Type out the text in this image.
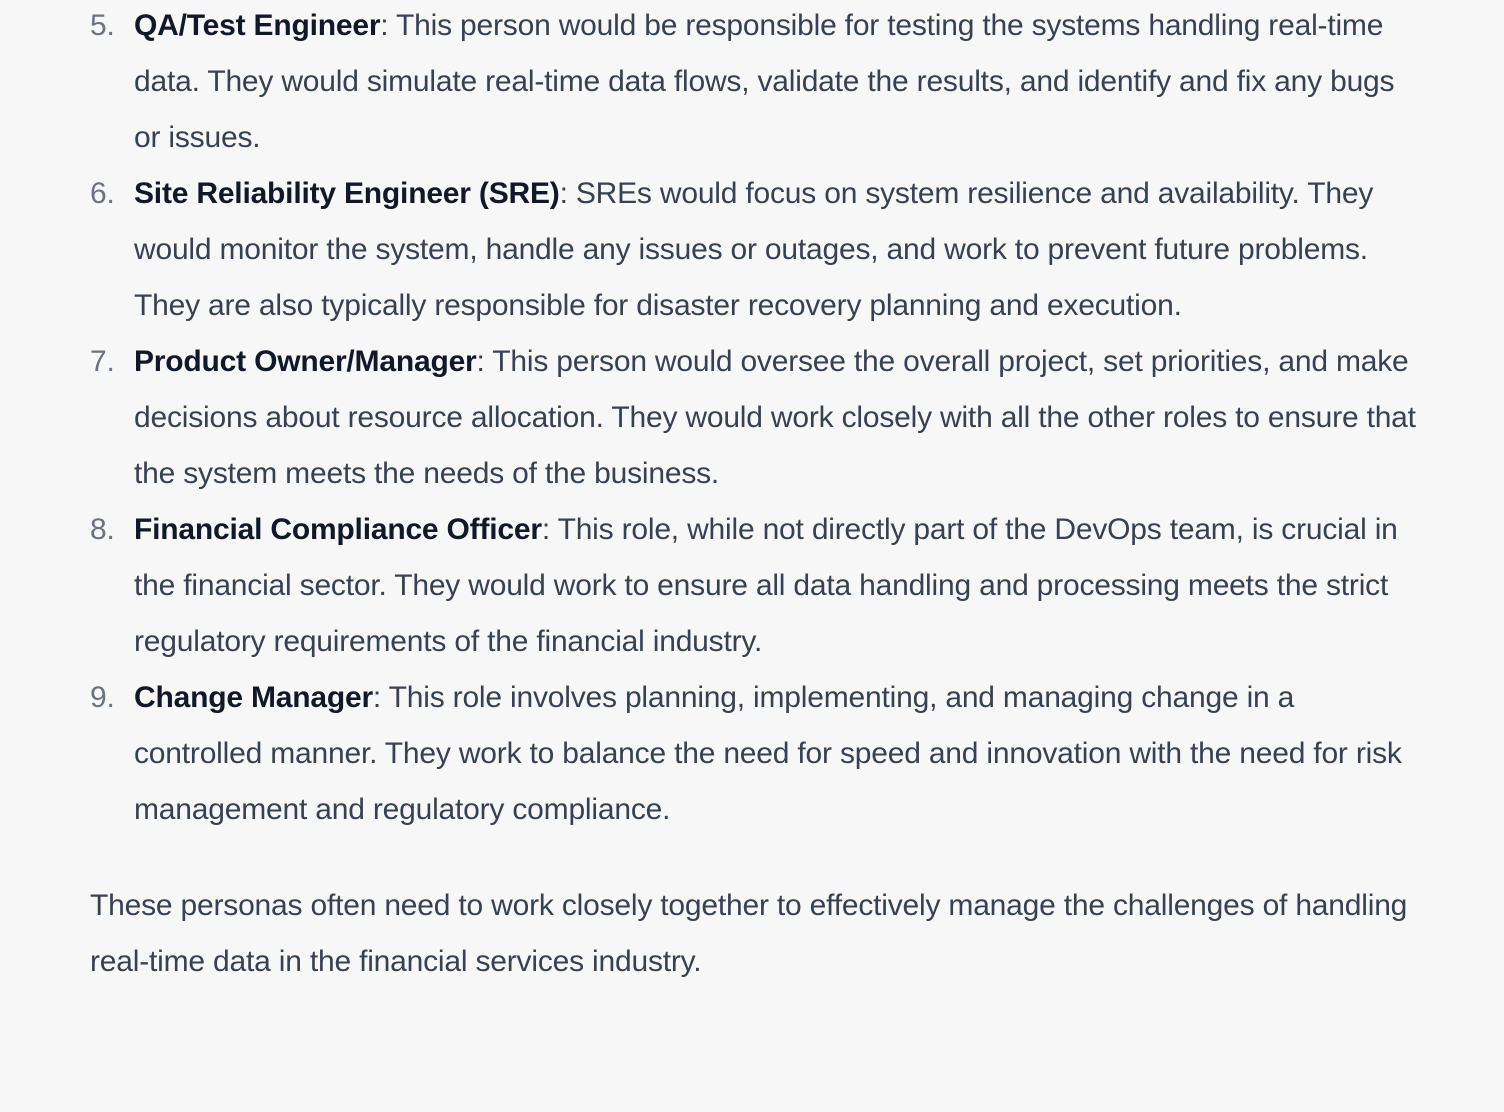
5. QA/Test Engineer: This person would be responsible for testing the systems handling real-time data. They would simulate real-time data flows, validate the results, and identify and fix any bugs or issues.
6. Site Reliability Engineer (SRE): SREs would focus on system resilience and availability. They would monitor the system, handle any issues or outages, and work to prevent future problems. They are also typically responsible for disaster recovery planning and execution.
7. Product Owner/Manager: This person would oversee the overall project, set priorities, and make decisions about resource allocation. They would work closely with all the other roles to ensure that the system meets the needs of the business.
8. Financial Compliance Officer: This role, while not directly part of the DevOps team, is crucial in the financial sector. They would work to ensure all data handling and processing meets the strict regulatory requirements of the financial industry.
9. Change Manager: This role involves planning, implementing, and managing change in a controlled manner. They work to balance the need for speed and innovation with the need for risk management and regulatory compliance.

These personas often need to work closely together to effectively manage the challenges of handling real-time data in the financial services industry.
